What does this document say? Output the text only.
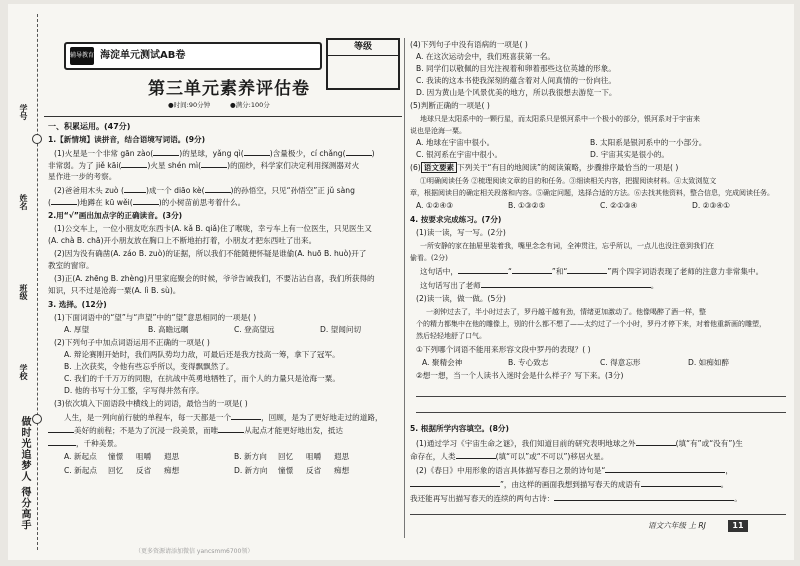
学号
姓名
班级
学校
做时光追梦人 得分高手
辅导教育 海淀单元测试AB卷
等级
第三单元素养评估卷
●时间:90分钟	●满分:100分
一、积累运用。(47分)
1.【新情境】读拼音，结合语境写词语。(9分)
(1)火星是一个非常 gān zào(	)的星球，yǎng qì(	)含量极少，cí chǎng(	)
非常弱。为了 jiě kāi(	)火星 shén mì(	)的面纱，科学家们决定利用探测器对火
星作进一步的考察。
(2)爸爸用木头 zuò (	)成一个 diāo kè(	)的孙悟空，只见“孙悟空”正 jǔ sàng
(	)地蹲在 kū wěi(	)的小树苗前思考着什么。
2.用“√”画出加点字的正确读音。(3分)
(1)公交车上，一位小朋友吃东西卡(A. kǎ B. qiǎ)住了喉咙，幸亏车上有一位医生，只见医生又
(A. chà B. chā)开小朋友放在胸口上不断地拍打着，小朋友才把东西吐了出来。
(2)因为没有确凿(A. záo B. zuò)的证据，所以我们不能随便怀疑是谁偷(A. huō B. huò)开了
教室的窗帘。
(3)正(A. zhēng B. zhèng)月里家庭聚会的时候，爷爷告诫我们，不要沾沾自喜，我们所获得的
知识，只不过是沧海一粟(A. lì B. sù)。
3. 选择。(12分)
(1)下面词语中的“望”与“声望”中的“望”意思相同的一项是( )
A. 厚望	B. 高瞻远瞩	C. 登高望远	D. 望闻问切
(2)下列句子中加点词语运用不正确的一项是( )
A. 辩论赛刚开始时，我们两队势均力敌，可最后还是我方技高一筹，拿下了冠军。
B. 上次获奖，令他有些忘乎所以，变得飘飘然了。
C. 我们的千千万万的同胞，在抗战中英勇地牺牲了，而个人的力量只是沧海一粟。
D. 他的书写十分工整，字写得井然有序。
(3)依次填入下面语段中横线上的词语，最恰当的一项是( )
人生，是一列向前行驶的单程车，每一天都是一个	，回顾，是为了更好地走过的道路，
美好的前程；不是为了沉浸一段美景，而唯	从起点才能更好地出发，抵达
，千种美景。
A. 新起点 憧憬 咀嚼 遐思	B. 新方向 回忆 咀嚼 遐思
C. 新起点 回忆 反省 痴想	D. 新方向 憧憬 反省 痴想
(4)下列句子中没有语病的一项是( )
A. 在这次运动会中，我们班喜获第一名。
B. 同学们以敬佩的目光注视着和卵着那些这位英雄的形象。
C. 我读的这本书使我深刻的蕴含着对人间真情的一份向往。
D. 因为黄山是个风景优美的地方，所以我很想去游览一下。
(5)判断正确的一项是( )
地球只是太阳系中的一颗行星，而太阳系只是银河系中一个极小的部分，银河系对于宇宙来
说也是沧海一粟。
A. 地球在宇宙中很小。	B. 太阳系是银河系中的一小部分。
C. 银河系在宇宙中很小。	D. 宇宙其实是很小的。
(6) 语文要素 下列关于“有目的地阅读”的阅读策略，步骤排序最恰当的一项是( )
①明确阅读任务 ②梳理阅读文章的目的和任务。③细读相关内容，把握阅读材料。④太致浏览文
章，根据阅读目的确定相关段落和内容。⑤确定问题，选择合适的方法。⑥去找其他资料，整合信息，完成阅读任务。
A. ①②④③	B. ①③②⑤	C. ②①③④	D. ②③④①
4. 按要求完成练习。(7分)
(1)读一读，写一写。(2分)
一所安静的家在抽屉里装着我，嘴里念念有词，全神贯注，忘乎所以，一点儿也没注意到我们在
偷看。(2分)
这句话中，	“	”和“	”两个四字词语表现了老师的注意力非常集中。
这句话写出了老师	。
(2)读一读，做一做。(5分)
一刹钟过去了，半小时过去了，罗丹越干越有劲，情绪更加激动了。他像喝醉了酒一样，整
个的精力都集中在他的雕像上，别的什么都不想了——太约过了一个小时，罗丹才停下来，对着他重新画的雕塑，
然后轻轻地舒了口气。
①下列哪个词语不能用来形容文段中罗丹的表现？( )
A. 聚精会神	B. 专心致志	C. 得意忘形	D. 如痴如醉
②想一想，当一个人读书入迷时会是什么样子？写下来。(3分)
5. 根据所学内容填空。(8分)
(1)通过学习《宇宙生命之谜》，我们知道目前的研究表明地球之外	(填“有”或“没有”)生
命存在，人类	(填“可以”或“不可以”)移居火星。
(2)《春日》中用形象的语言具体描写春日之景的诗句是“	，
”，由这样的画面我想到描写春天的成语有	。
我还能再写出描写春天的连续的两句古诗：	。
语文六年级 上 RJ	11
（更多资源请添加微信 yancsmm6700领）
